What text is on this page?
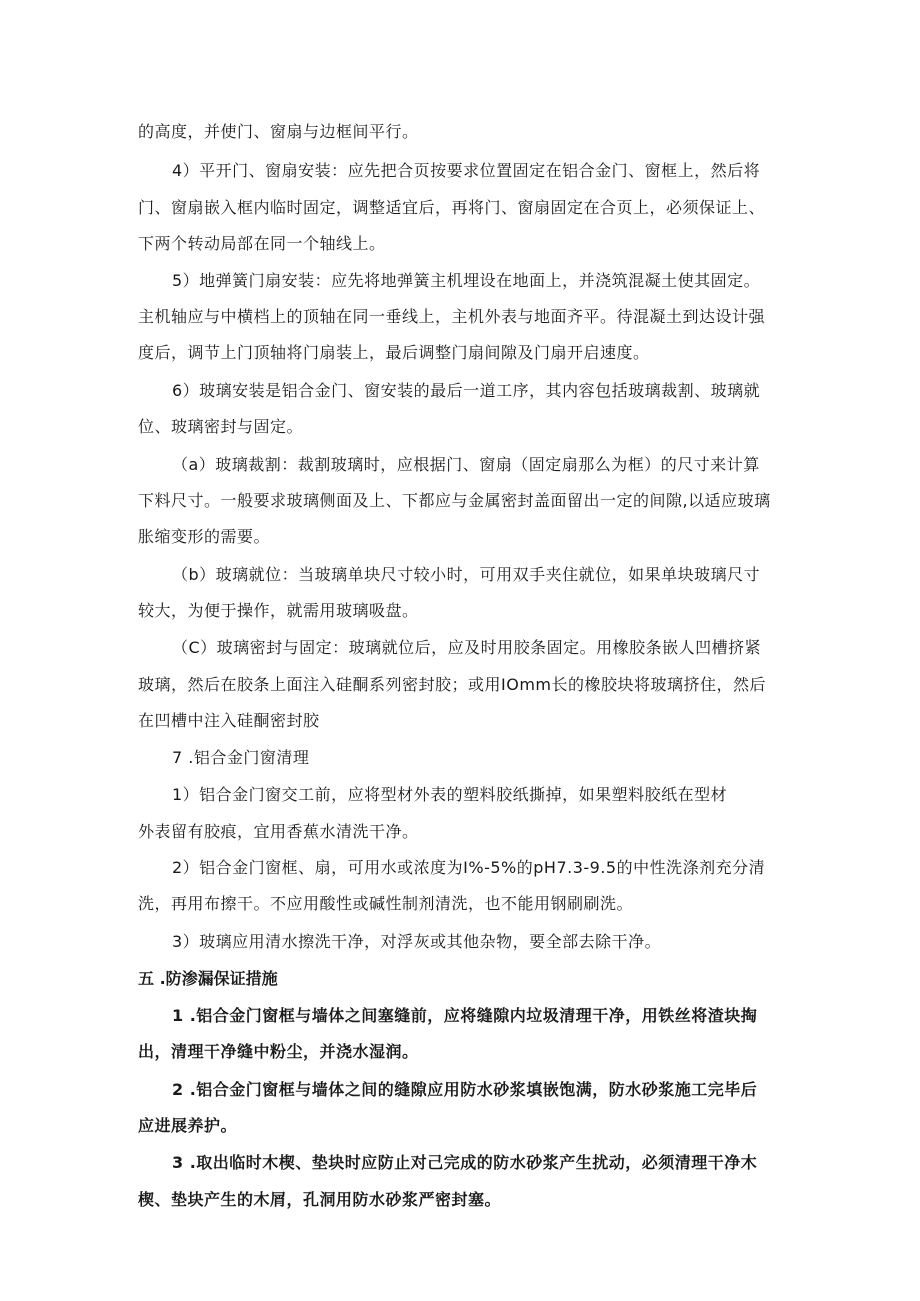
的高度，并使门、窗扇与边框间平行。
4）平开门、窗扇安装：应先把合页按要求位置固定在铝合金门、窗框上，然后将
门、窗扇嵌入框内临时固定，调整适宜后，再将门、窗扇固定在合页上，必须保证上、
下两个转动局部在同一个轴线上。
5）地弹簧门扇安装：应先将地弹簧主机埋设在地面上，并浇筑混凝土使其固定。
主机轴应与中横档上的顶轴在同一垂线上，主机外表与地面齐平。待混凝土到达设计强
度后，调节上门顶轴将门扇装上，最后调整门扇间隙及门扇开启速度。
6）玻璃安装是铝合金门、窗安装的最后一道工序，其内容包括玻璃裁割、玻璃就
位、玻璃密封与固定。
（a）玻璃裁割：裁割玻璃时，应根据门、窗扇（固定扇那么为框）的尺寸来计算
下料尺寸。一般要求玻璃侧面及上、下都应与金属密封盖面留出一定的间隙,以适应玻璃
胀缩变形的需要。
（b）玻璃就位：当玻璃单块尺寸较小时，可用双手夹住就位，如果单块玻璃尺寸
较大，为便于操作，就需用玻璃吸盘。
（C）玻璃密封与固定：玻璃就位后，应及时用胶条固定。用橡胶条嵌人凹槽挤紧
玻璃，然后在胶条上面注入硅酮系列密封胶；或用IOmm长的橡胶块将玻璃挤住，然后
在凹槽中注入硅酮密封胶
7 .铝合金门窗清理
1）铝合金门窗交工前，应将型材外表的塑料胶纸撕掉，如果塑料胶纸在型材
外表留有胶痕，宜用香蕉水清洗干净。
2）铝合金门窗框、扇，可用水或浓度为I%-5%的pH7.3-9.5的中性洗涤剂充分清
洗，再用布擦干。不应用酸性或碱性制剂清洗，也不能用钢刷刷洗。
3）玻璃应用清水擦洗干净，对浮灰或其他杂物，要全部去除干净。
五 .防渗漏保证措施
1 .铝合金门窗框与墙体之间塞缝前，应将缝隙内垃圾清理干净，用铁丝将渣块掏
出，清理干净缝中粉尘，并浇水湿润。
2 .铝合金门窗框与墙体之间的缝隙应用防水砂浆填嵌饱满，防水砂浆施工完毕后
应进展养护。
3 .取出临时木楔、垫块时应防止对己完成的防水砂浆产生扰动，必须清理干净木
楔、垫块产生的木屑，孔洞用防水砂浆严密封塞。
